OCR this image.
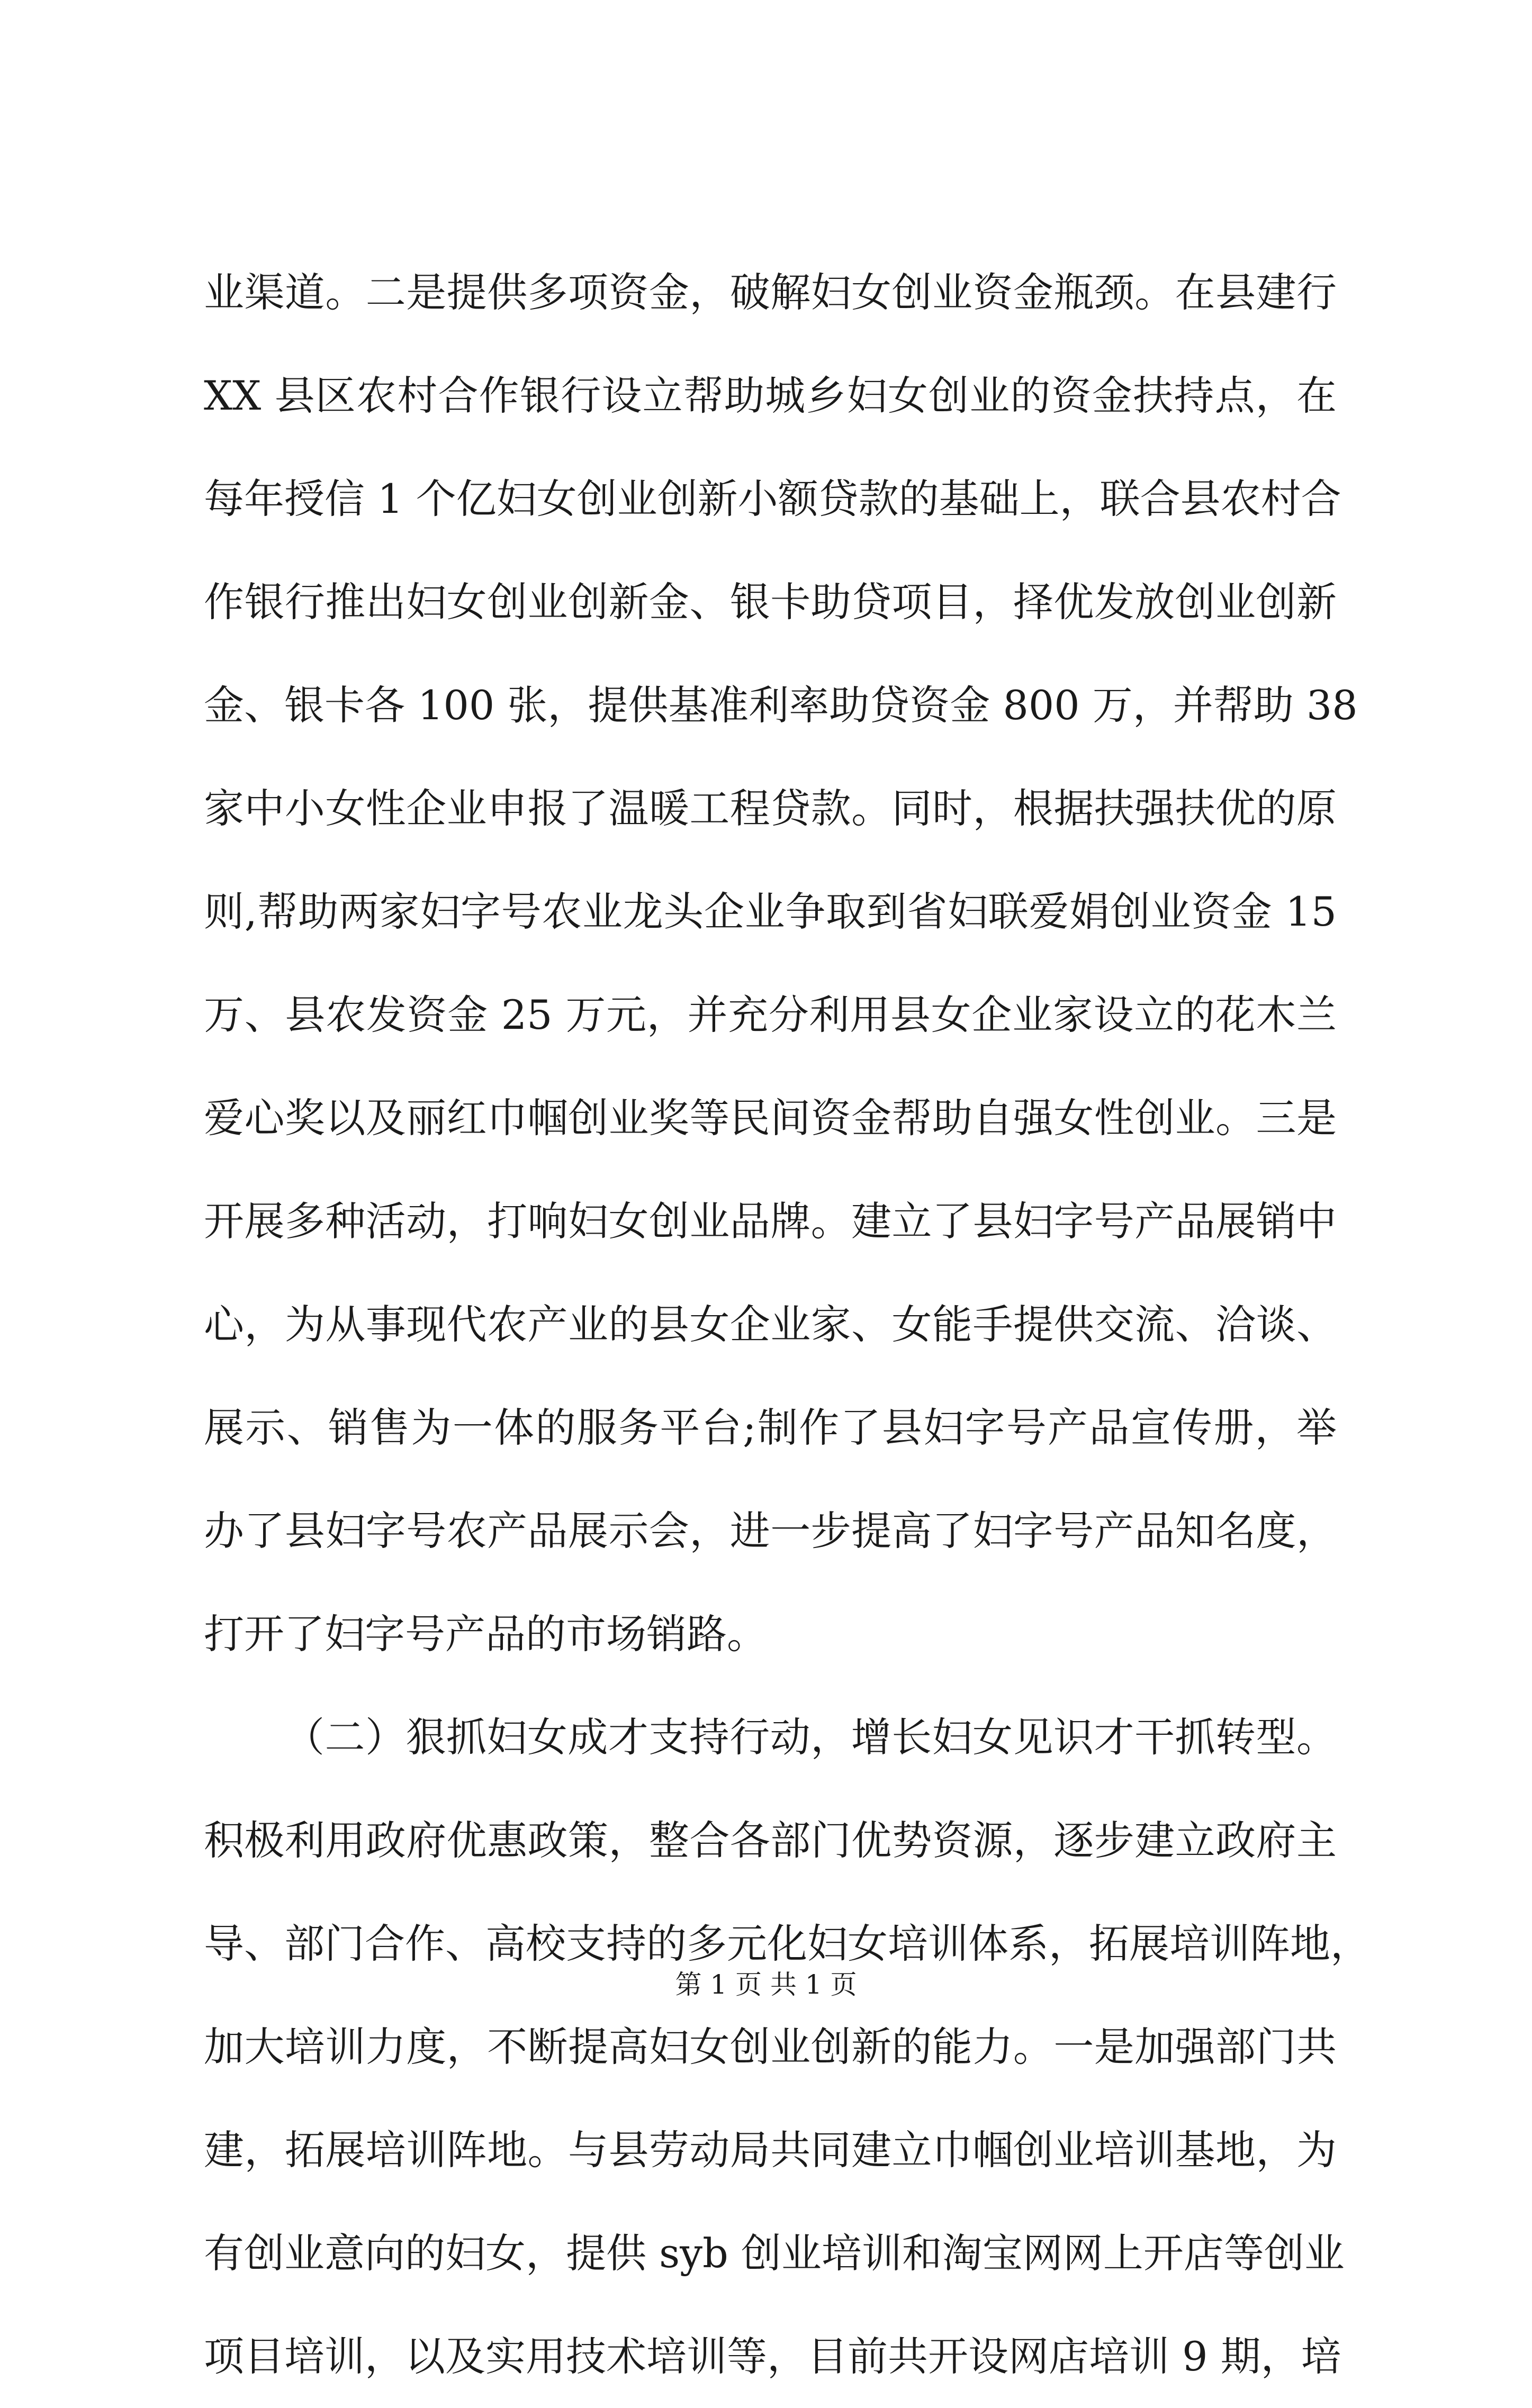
业渠道。二是提供多项资金，破解妇女创业资金瓶颈。在县建行
XX 县区农村合作银行设立帮助城乡妇女创业的资金扶持点，在
每年授信 1 个亿妇女创业创新小额贷款的基础上，联合县农村合
作银行推出妇女创业创新金、银卡助贷项目，择优发放创业创新
金、银卡各 100 张，提供基准利率助贷资金 800 万，并帮助 38
家中小女性企业申报了温暖工程贷款。同时，根据扶强扶优的原
则,帮助两家妇字号农业龙头企业争取到省妇联爱娟创业资金 15
万、县农发资金 25 万元，并充分利用县女企业家设立的花木兰
爱心奖以及丽红巾帼创业奖等民间资金帮助自强女性创业。三是
开展多种活动，打响妇女创业品牌。建立了县妇字号产品展销中
心，为从事现代农产业的县女企业家、女能手提供交流、洽谈、
展示、销售为一体的服务平台;制作了县妇字号产品宣传册，举
办了县妇字号农产品展示会，进一步提高了妇字号产品知名度，
打开了妇字号产品的市场销路。
（二）狠抓妇女成才支持行动，增长妇女见识才干抓转型。
积极利用政府优惠政策，整合各部门优势资源，逐步建立政府主
导、部门合作、高校支持的多元化妇女培训体系，拓展培训阵地，
加大培训力度，不断提高妇女创业创新的能力。一是加强部门共
建，拓展培训阵地。与县劳动局共同建立巾帼创业培训基地，为
有创业意向的妇女，提供 syb 创业培训和淘宝网网上开店等创业
项目培训，以及实用技术培训等，目前共开设网店培训 9 期，培
第 1 页 共 1 页
